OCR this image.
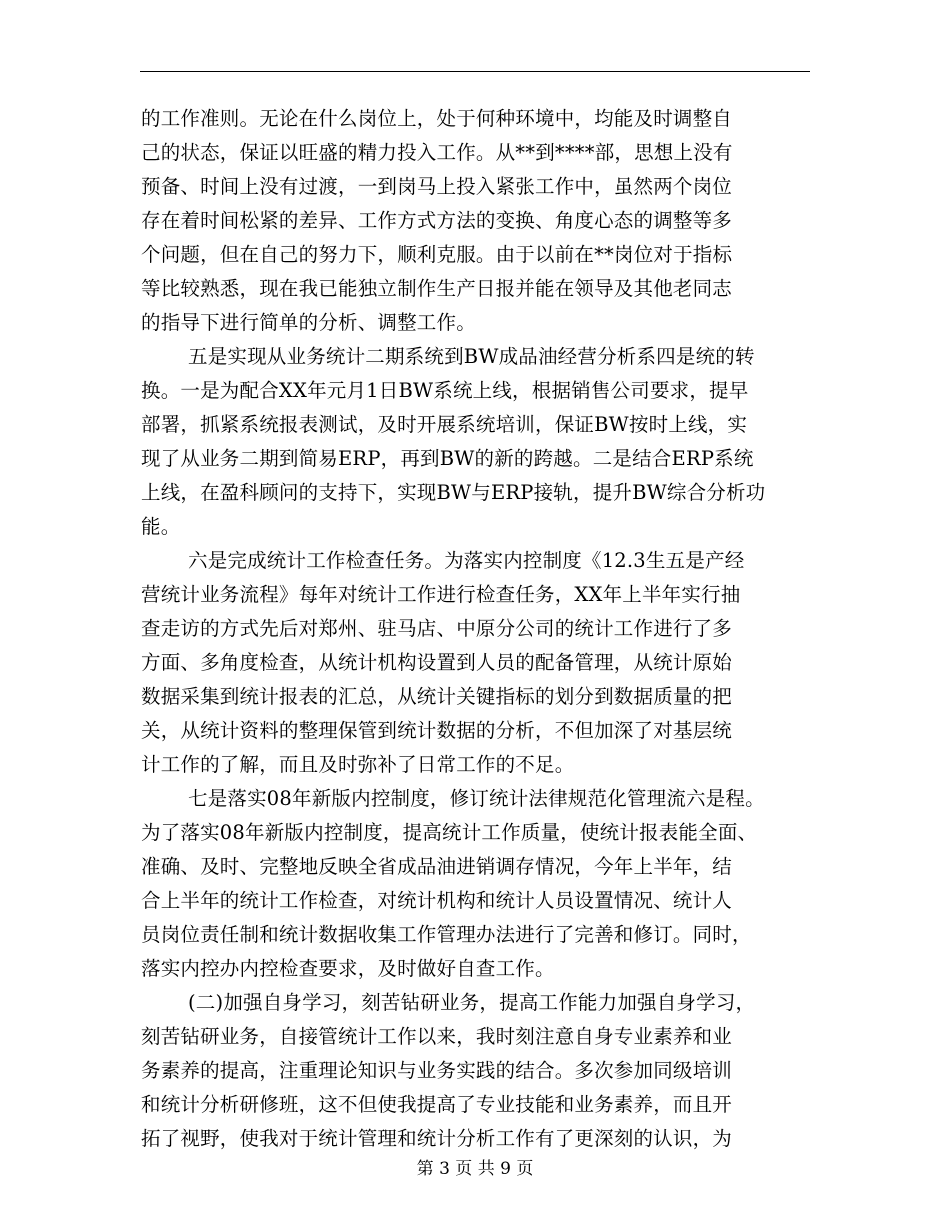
的工作准则。无论在什么岗位上，处于何种环境中，均能及时调整自
己的状态，保证以旺盛的精力投入工作。从**到****部，思想上没有
预备、时间上没有过渡，一到岗马上投入紧张工作中，虽然两个岗位
存在着时间松紧的差异、工作方式方法的变换、角度心态的调整等多
个问题，但在自己的努力下，顺利克服。由于以前在**岗位对于指标
等比较熟悉，现在我已能独立制作生产日报并能在领导及其他老同志
的指导下进行简单的分析、调整工作。
五是实现从业务统计二期系统到BW成品油经营分析系四是统的转
换。一是为配合XX年元月1日BW系统上线，根据销售公司要求，提早
部署，抓紧系统报表测试，及时开展系统培训，保证BW按时上线，实
现了从业务二期到简易ERP，再到BW的新的跨越。二是结合ERP系统
上线，在盈科顾问的支持下，实现BW与ERP接轨，提升BW综合分析功
能。
六是完成统计工作检查任务。为落实内控制度《12.3生五是产经
营统计业务流程》每年对统计工作进行检查任务，XX年上半年实行抽
查走访的方式先后对郑州、驻马店、中原分公司的统计工作进行了多
方面、多角度检查，从统计机构设置到人员的配备管理，从统计原始
数据采集到统计报表的汇总，从统计关键指标的划分到数据质量的把
关，从统计资料的整理保管到统计数据的分析，不但加深了对基层统
计工作的了解，而且及时弥补了日常工作的不足。
七是落实08年新版内控制度，修订统计法律规范化管理流六是程。
为了落实08年新版内控制度，提高统计工作质量，使统计报表能全面、
准确、及时、完整地反映全省成品油进销调存情况，今年上半年，结
合上半年的统计工作检查，对统计机构和统计人员设置情况、统计人
员岗位责任制和统计数据收集工作管理办法进行了完善和修订。同时，
落实内控办内控检查要求，及时做好自查工作。
(二)加强自身学习，刻苦钻研业务，提高工作能力加强自身学习，
刻苦钻研业务，自接管统计工作以来，我时刻注意自身专业素养和业
务素养的提高，注重理论知识与业务实践的结合。多次参加同级培训
和统计分析研修班，这不但使我提高了专业技能和业务素养，而且开
拓了视野，使我对于统计管理和统计分析工作有了更深刻的认识，为
第 3 页 共 9 页
